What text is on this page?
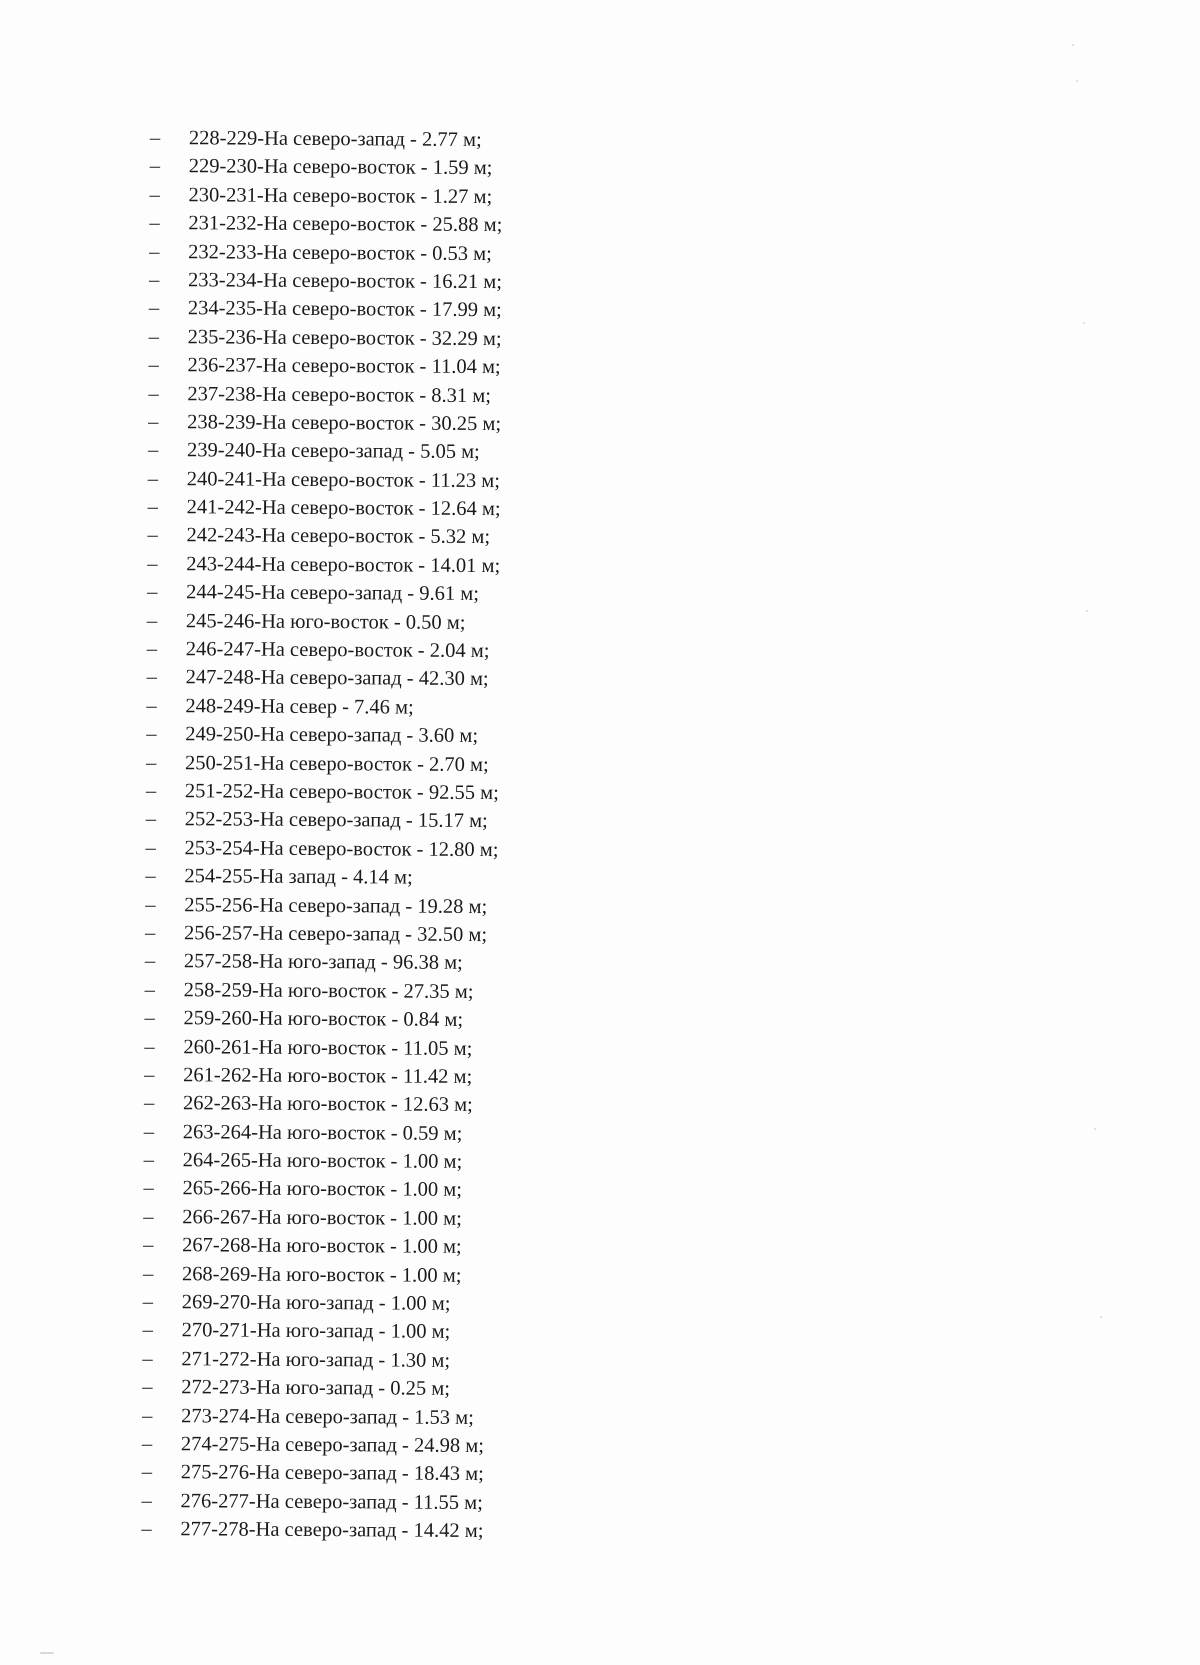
– 228-229-На северо-запад - 2.77 м;
– 229-230-На северо-восток - 1.59 м;
– 230-231-На северо-восток - 1.27 м;
– 231-232-На северо-восток - 25.88 м;
– 232-233-На северо-восток - 0.53 м;
– 233-234-На северо-восток - 16.21 м;
– 234-235-На северо-восток - 17.99 м;
– 235-236-На северо-восток - 32.29 м;
– 236-237-На северо-восток - 11.04 м;
– 237-238-На северо-восток - 8.31 м;
– 238-239-На северо-восток - 30.25 м;
– 239-240-На северо-запад - 5.05 м;
– 240-241-На северо-восток - 11.23 м;
– 241-242-На северо-восток - 12.64 м;
– 242-243-На северо-восток - 5.32 м;
– 243-244-На северо-восток - 14.01 м;
– 244-245-На северо-запад - 9.61 м;
– 245-246-На юго-восток - 0.50 м;
– 246-247-На северо-восток - 2.04 м;
– 247-248-На северо-запад - 42.30 м;
– 248-249-На север - 7.46 м;
– 249-250-На северо-запад - 3.60 м;
– 250-251-На северо-восток - 2.70 м;
– 251-252-На северо-восток - 92.55 м;
– 252-253-На северо-запад - 15.17 м;
– 253-254-На северо-восток - 12.80 м;
– 254-255-На запад - 4.14 м;
– 255-256-На северо-запад - 19.28 м;
– 256-257-На северо-запад - 32.50 м;
– 257-258-На юго-запад - 96.38 м;
– 258-259-На юго-восток - 27.35 м;
– 259-260-На юго-восток - 0.84 м;
– 260-261-На юго-восток - 11.05 м;
– 261-262-На юго-восток - 11.42 м;
– 262-263-На юго-восток - 12.63 м;
– 263-264-На юго-восток - 0.59 м;
– 264-265-На юго-восток - 1.00 м;
– 265-266-На юго-восток - 1.00 м;
– 266-267-На юго-восток - 1.00 м;
– 267-268-На юго-восток - 1.00 м;
– 268-269-На юго-восток - 1.00 м;
– 269-270-На юго-запад - 1.00 м;
– 270-271-На юго-запад - 1.00 м;
– 271-272-На юго-запад - 1.30 м;
– 272-273-На юго-запад - 0.25 м;
– 273-274-На северо-запад - 1.53 м;
– 274-275-На северо-запад - 24.98 м;
– 275-276-На северо-запад - 18.43 м;
– 276-277-На северо-запад - 11.55 м;
– 277-278-На северо-запад - 14.42 м;
